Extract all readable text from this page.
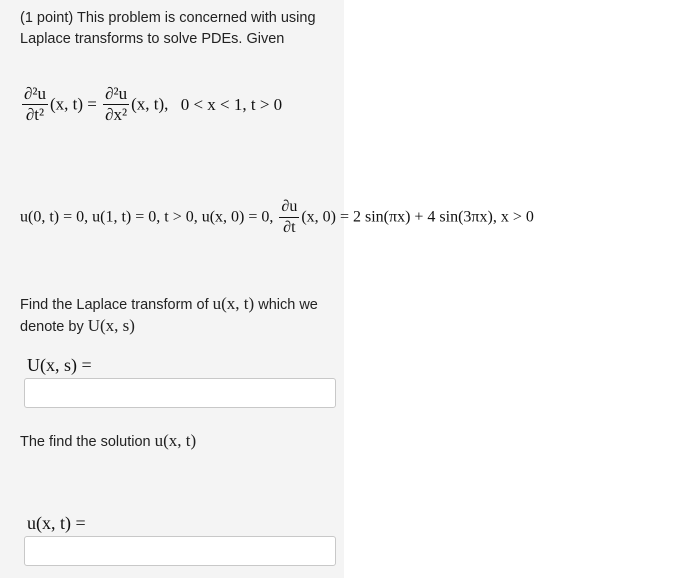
(1 point) This problem is concerned with using
Laplace transforms to solve PDEs. Given
$\frac{\text{∂²u}}{\text{∂t²}} (x$, $t) = \frac{\text{∂²u}}{\text{∂x²}} (x$, t), 0 < x < 1, t > 0
u(0, t) = 0, u(1, t) = 0, t > 0, u(x, 0) = 0, $\frac{\partial u}{\partial t} (x$, 0) = 2 sin(πx) + 4 sin(3πx), x > 0
Find the Laplace transform of u(x, t) which we
denote by U(x, s)
U(x, s) =
The find the solution u(x, t)
u(x, t) =
